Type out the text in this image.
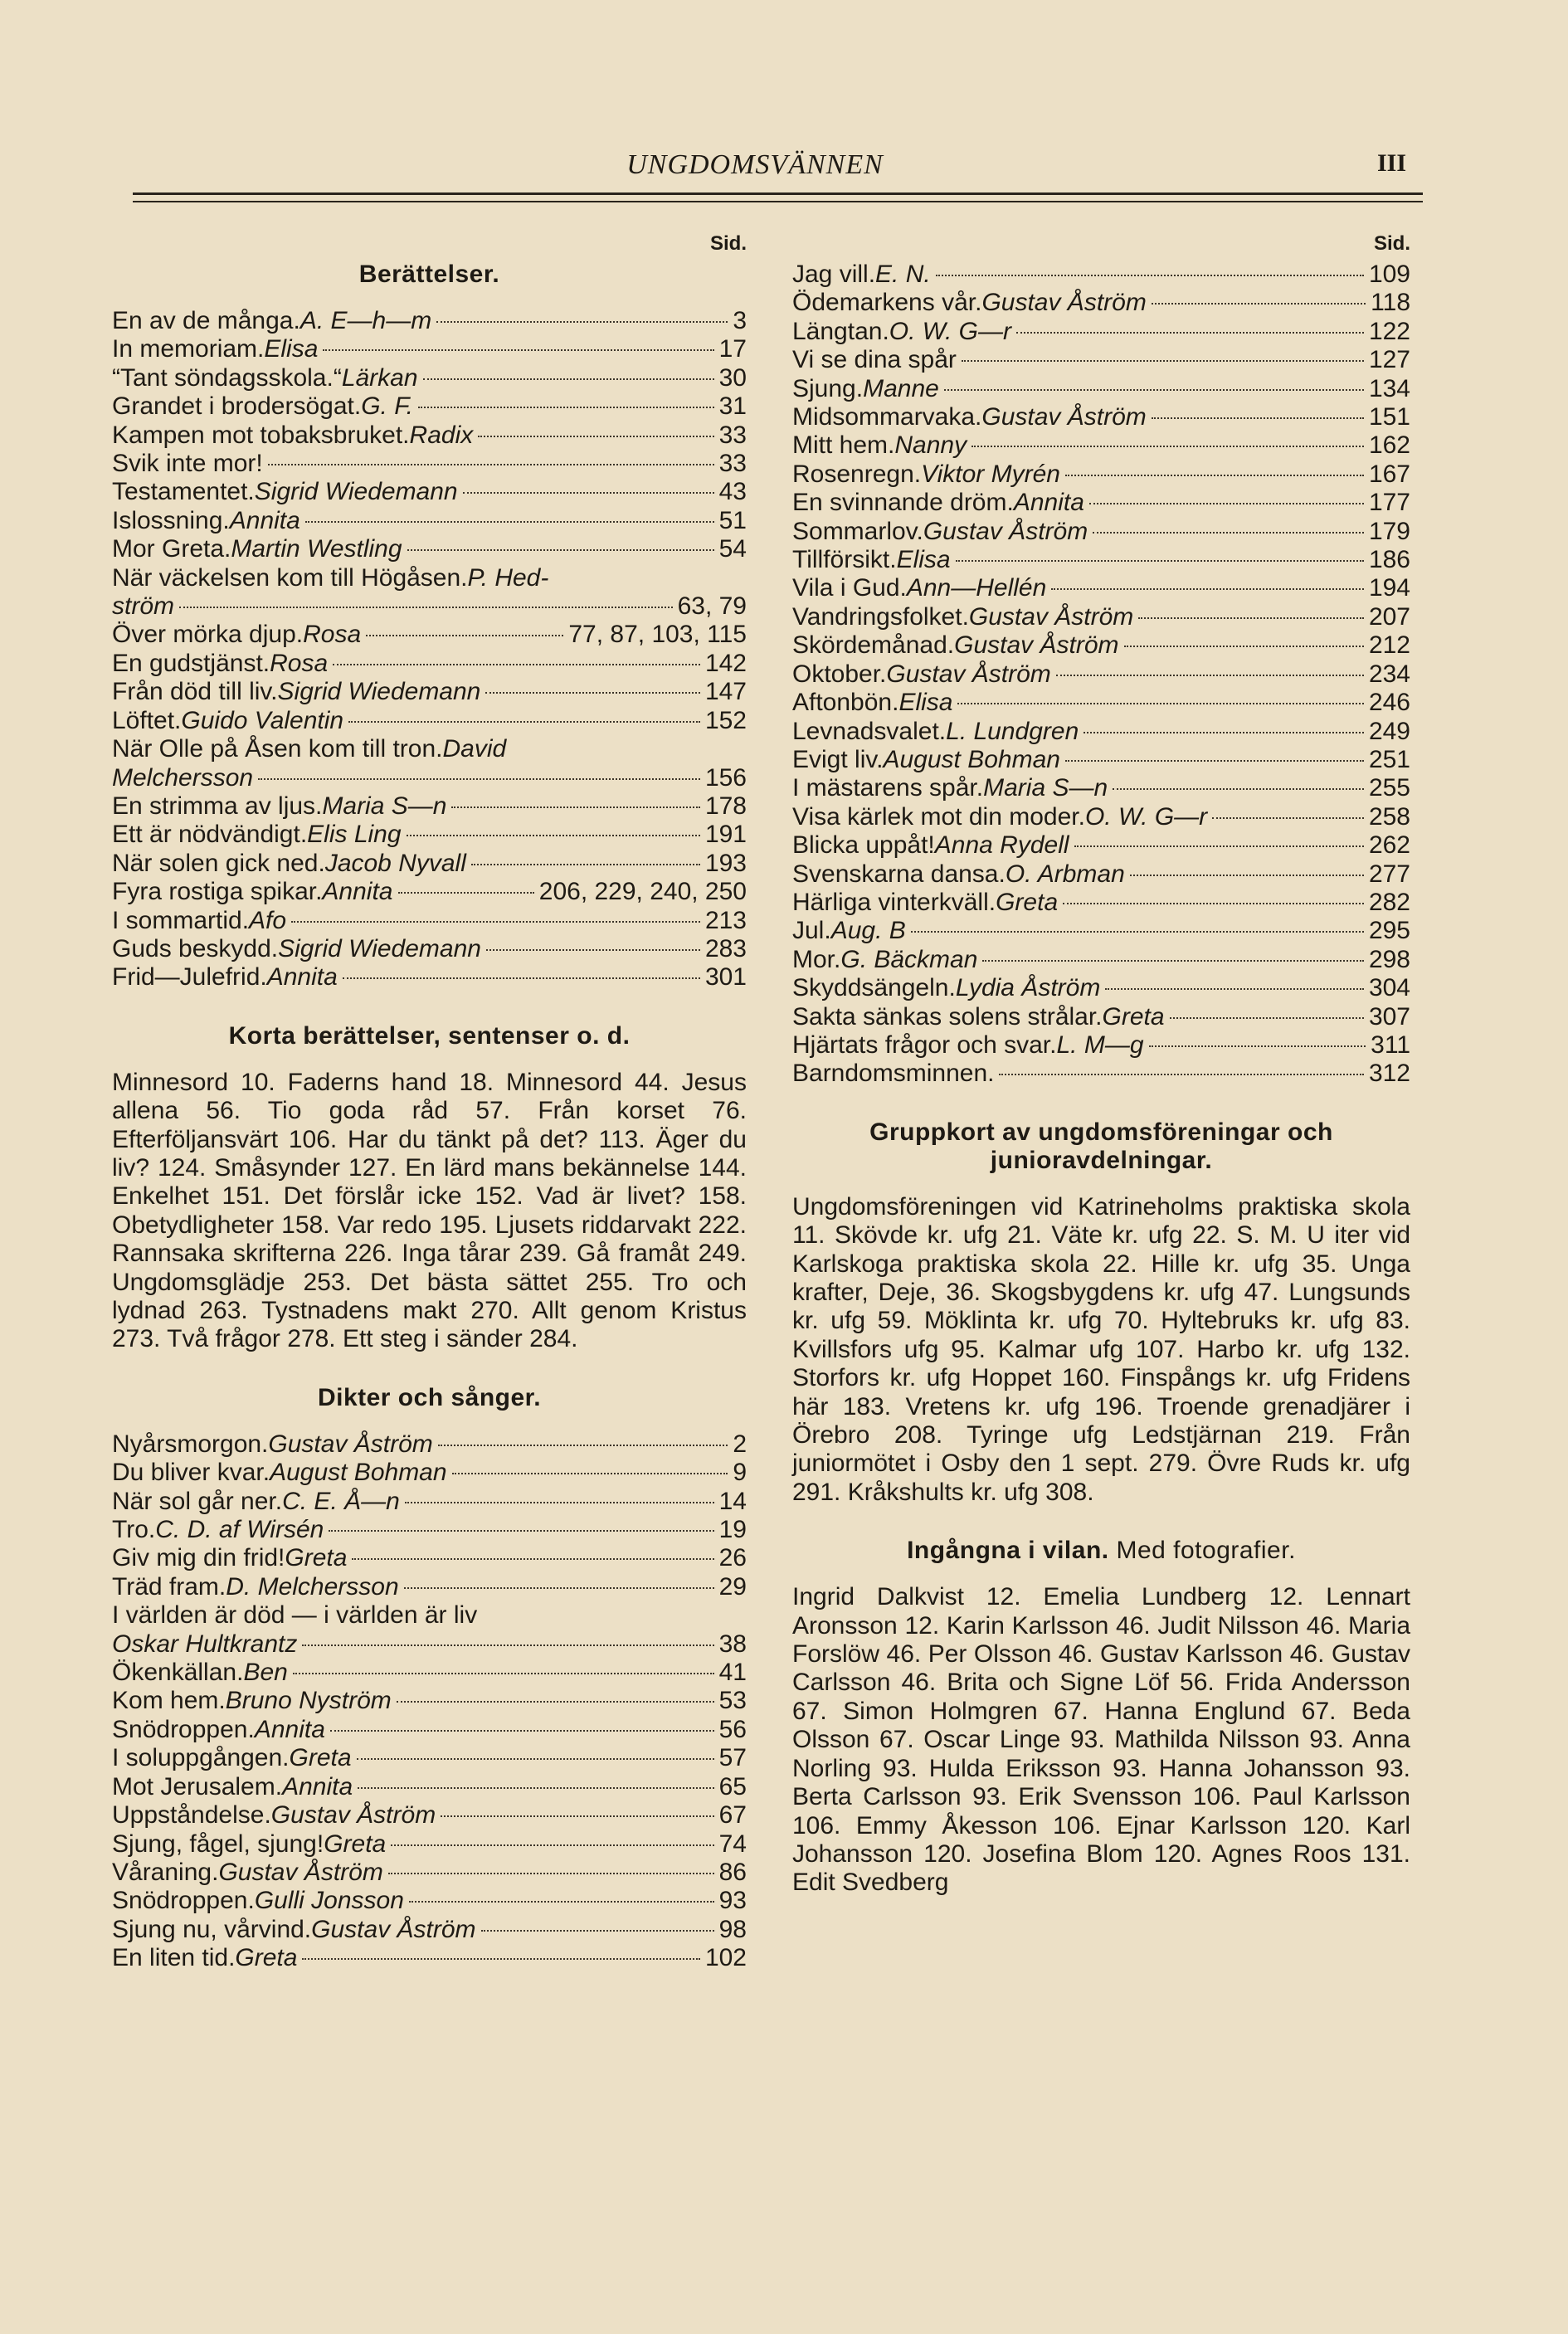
UNGDOMSVÄNNEN	III
Sid.
Berättelser.
En av de många. A. E—h—m	3
In memoriam. Elisa	17
“Tant söndagsskola.“ Lärkan	30
Grandet i brodersögat. G. F.	31
Kampen mot tobaksbruket. Radix	33
Svik inte mor!	33
Testamentet. Sigrid Wiedemann	43
Islossning. Annita	51
Mor Greta. Martin Westling	54
När väckelsen kom till Högåsen. P. Hed-
ström	63, 79
Över mörka djup. Rosa	77, 87, 103, 115
En gudstjänst. Rosa	142
Från död till liv. Sigrid Wiedemann	147
Löftet. Guido Valentin	152
När Olle på Åsen kom till tron. David
Melchersson	156
En strimma av ljus. Maria S—n	178
Ett är nödvändigt. Elis Ling	191
När solen gick ned. Jacob Nyvall	193
Fyra rostiga spikar. Annita	206, 229, 240, 250
I sommartid. Afo	213
Guds beskydd. Sigrid Wiedemann	283
Frid—Julefrid. Annita	301
Korta berättelser, sentenser o. d.
Minnesord 10. Faderns hand 18. Minnesord 44. Jesus allena 56. Tio goda råd 57. Från korset 76. Efterföljansvärt 106. Har du tänkt på det? 113. Äger du liv? 124. Småsynder 127. En lärd mans bekännelse 144. Enkelhet 151. Det förslår icke 152. Vad är livet? 158. Obetydligheter 158. Var redo 195. Ljusets riddarvakt 222. Rannsaka skrifterna 226. Inga tårar 239. Gå framåt 249. Ungdomsglädje 253. Det bästa sättet 255. Tro och lydnad 263. Tystnadens makt 270. Allt genom Kristus 273. Två frågor 278. Ett steg i sänder 284.
Dikter och sånger.
Nyårsmorgon. Gustav Åström	2
Du bliver kvar. August Bohman	9
När sol går ner. C. E. Å—n	14
Tro. C. D. af Wirsén	19
Giv mig din frid! Greta	26
Träd fram. D. Melchersson	29
I världen är död — i världen är liv
Oskar Hultkrantz	38
Ökenkällan. Ben	41
Kom hem. Bruno Nyström	53
Snödroppen. Annita	56
I soluppgången. Greta	57
Mot Jerusalem. Annita	65
Uppståndelse. Gustav Åström	67
Sjung, fågel, sjung! Greta	74
Våraning. Gustav Åström	86
Snödroppen. Gulli Jonsson	93
Sjung nu, vårvind. Gustav Åström	98
En liten tid. Greta	102
Sid.
Jag vill. E. N.	109
Ödemarkens vår. Gustav Åström	118
Längtan. O. W. G—r	122
Vi se dina spår	127
Sjung. Manne	134
Midsommarvaka. Gustav Åström	151
Mitt hem. Nanny	162
Rosenregn. Viktor Myrén	167
En svinnande dröm. Annita	177
Sommarlov. Gustav Åström	179
Tillförsikt. Elisa	186
Vila i Gud. Ann—Hellén	194
Vandringsfolket. Gustav Åström	207
Skördemånad. Gustav Åström	212
Oktober. Gustav Åström	234
Aftonbön. Elisa	246
Levnadsvalet. L. Lundgren	249
Evigt liv. August Bohman	251
I mästarens spår. Maria S—n	255
Visa kärlek mot din moder. O. W. G—r	258
Blicka uppåt! Anna Rydell	262
Svenskarna dansa. O. Arbman	277
Härliga vinterkväll. Greta	282
Jul. Aug. B	295
Mor. G. Bäckman	298
Skyddsängeln. Lydia Åström	304
Sakta sänkas solens strålar. Greta	307
Hjärtats frågor och svar. L. M—g	311
Barndomsminnen.	312
Gruppkort av ungdomsföreningar och junioravdelningar.
Ungdomsföreningen vid Katrineholms praktiska skola 11. Skövde kr. ufg 21. Väte kr. ufg 22. S. M. U iter vid Karlskoga praktiska skola 22. Hille kr. ufg 35. Unga krafter, Deje, 36. Skogsbygdens kr. ufg 47. Lungsunds kr. ufg 59. Möklinta kr. ufg 70. Hyltebruks kr. ufg 83. Kvillsfors ufg 95. Kalmar ufg 107. Harbo kr. ufg 132. Storfors kr. ufg Hoppet 160. Finspångs kr. ufg Fridens här 183. Vretens kr. ufg 196. Troende grenadjärer i Örebro 208. Tyringe ufg Ledstjärnan 219. Från juniormötet i Osby den 1 sept. 279. Övre Ruds kr. ufg 291. Kråkshults kr. ufg 308.
Ingångna i vilan. Med fotografier.
Ingrid Dalkvist 12. Emelia Lundberg 12. Lennart Aronsson 12. Karin Karlsson 46. Judit Nilsson 46. Maria Forslöw 46. Per Olsson 46. Gustav Karlsson 46. Gustav Carlsson 46. Brita och Signe Löf 56. Frida Andersson 67. Simon Holmgren 67. Hanna Englund 67. Beda Olsson 67. Oscar Linge 93. Mathilda Nilsson 93. Anna Norling 93. Hulda Eriksson 93. Hanna Johansson 93. Berta Carlsson 93. Erik Svensson 106. Paul Karlsson 106. Emmy Åkesson 106. Ejnar Karlsson 120. Karl Johansson 120. Josefina Blom 120. Agnes Roos 131. Edit Svedberg
